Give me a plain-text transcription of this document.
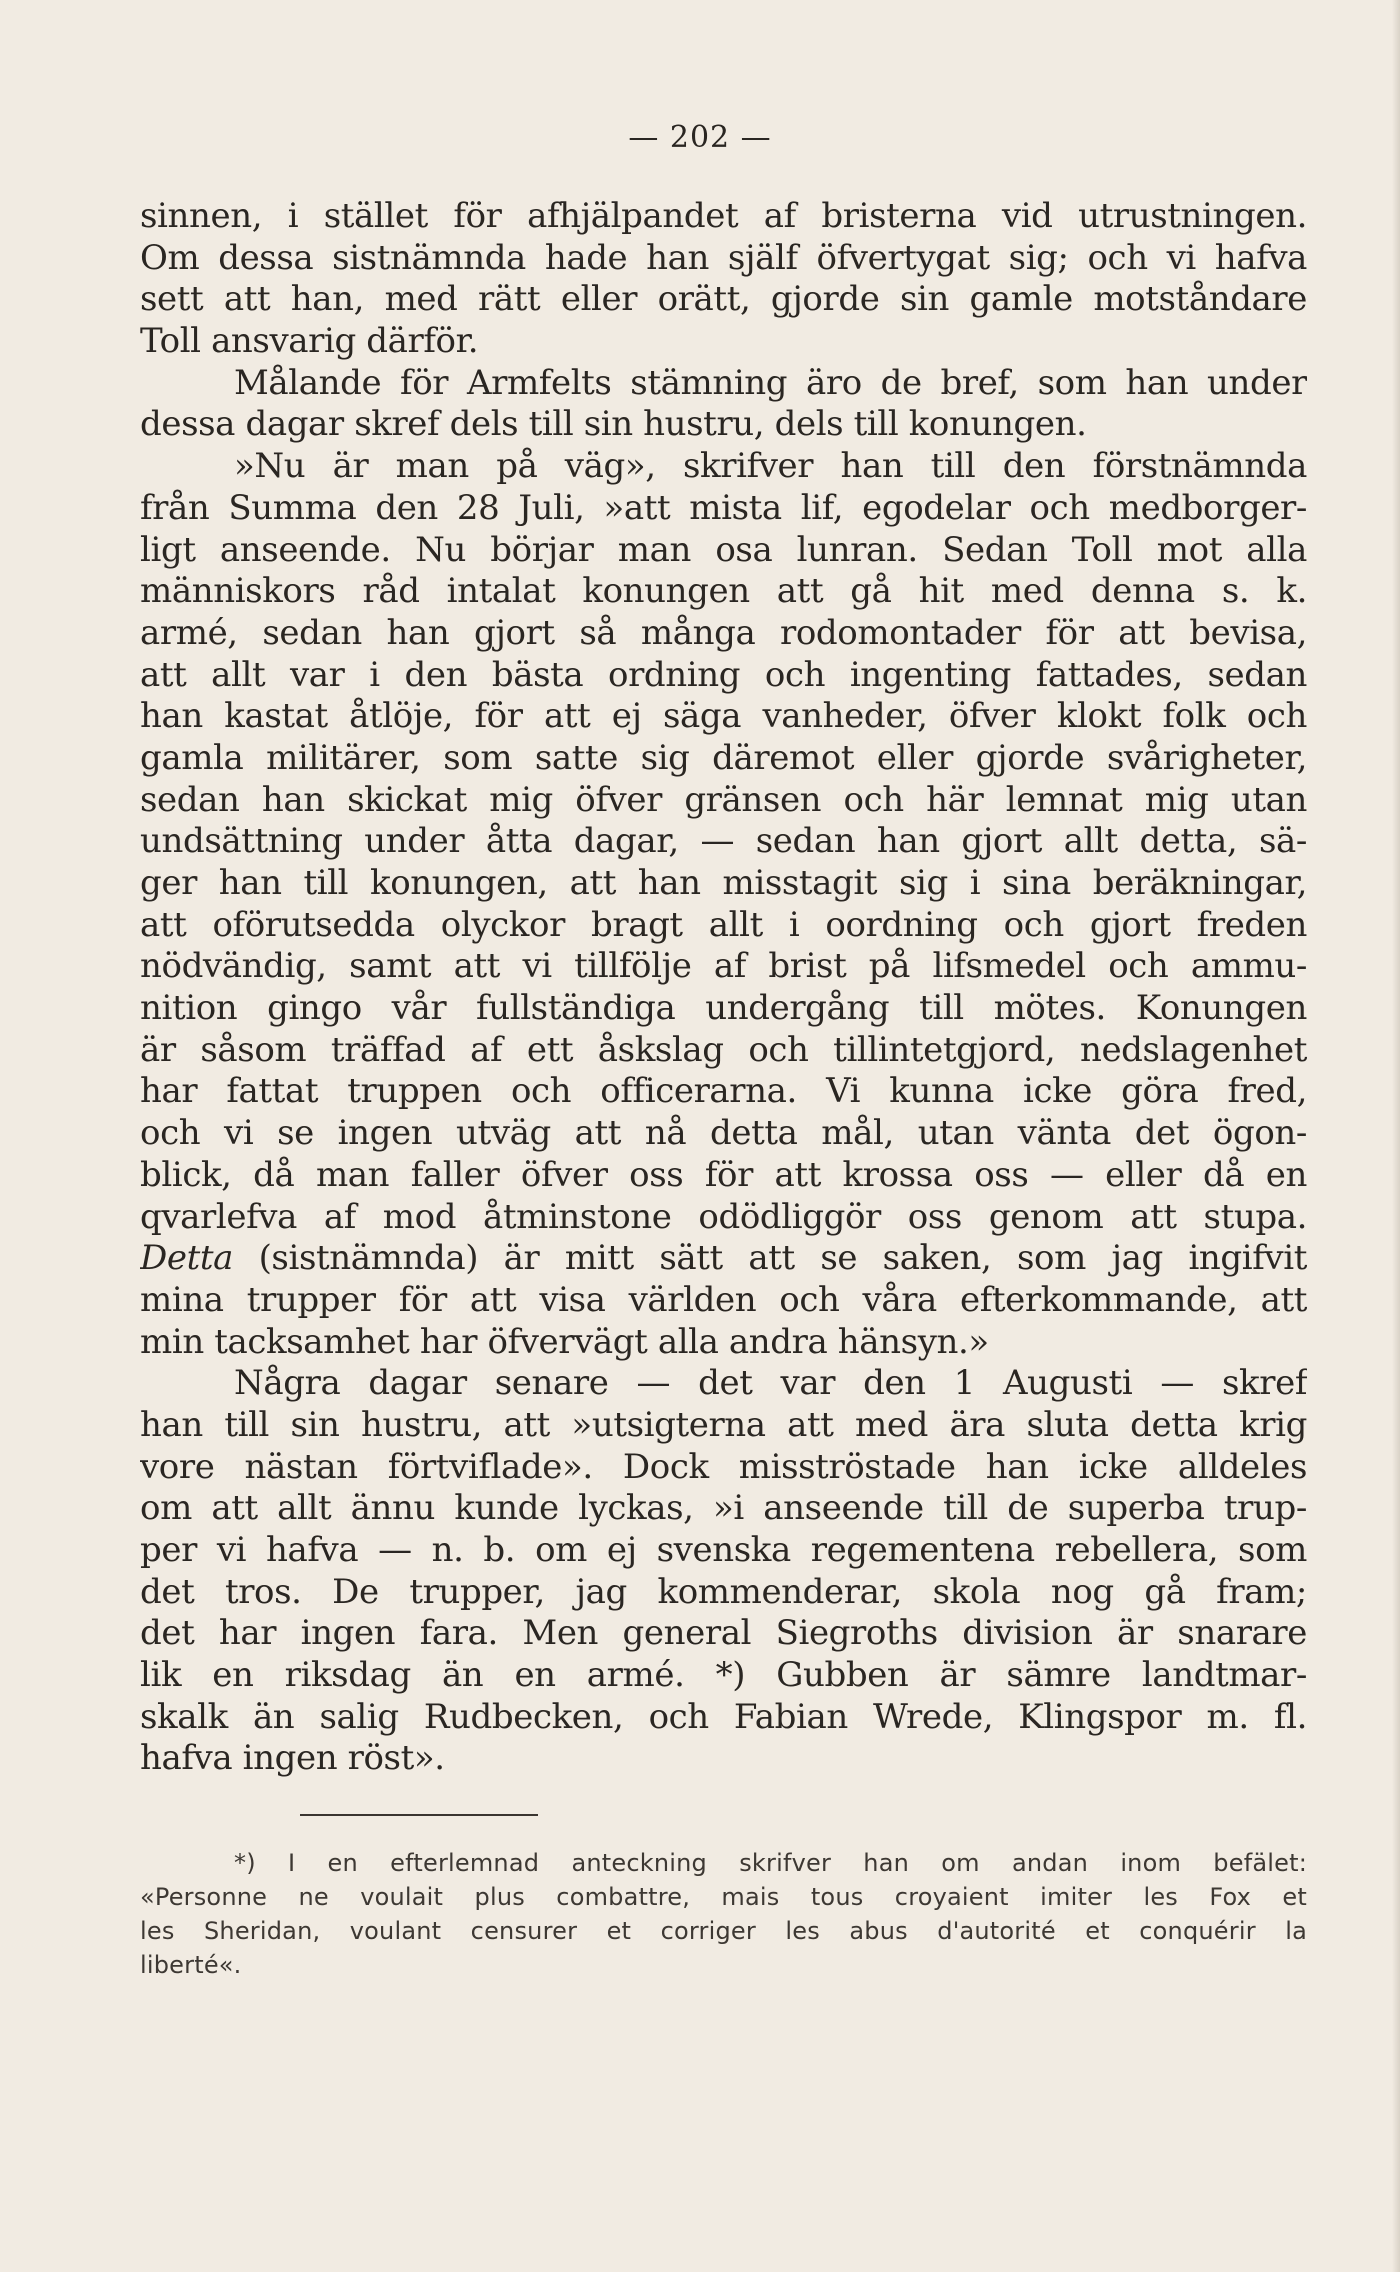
— 202 —
sinnen, i stället för afhjälpandet af bristerna vid utrustningen.
Om dessa sistnämnda hade han själf öfvertygat sig; och vi hafva
sett att han, med rätt eller orätt, gjorde sin gamle motståndare
Toll ansvarig därför.
Målande för Armfelts stämning äro de bref, som han under
dessa dagar skref dels till sin hustru, dels till konungen.
»Nu är man på väg», skrifver han till den förstnämnda
från Summa den 28 Juli, »att mista lif, egodelar och medborger-
ligt anseende. Nu börjar man osa lunran. Sedan Toll mot alla
människors råd intalat konungen att gå hit med denna s. k.
armé, sedan han gjort så många rodomontader för att bevisa,
att allt var i den bästa ordning och ingenting fattades, sedan
han kastat åtlöje, för att ej säga vanheder, öfver klokt folk och
gamla militärer, som satte sig däremot eller gjorde svårigheter,
sedan han skickat mig öfver gränsen och här lemnat mig utan
undsättning under åtta dagar, — sedan han gjort allt detta, sä-
ger han till konungen, att han misstagit sig i sina beräkningar,
att oförutsedda olyckor bragt allt i oordning och gjort freden
nödvändig, samt att vi tillfölje af brist på lifsmedel och ammu-
nition gingo vår fullständiga undergång till mötes. Konungen
är såsom träffad af ett åskslag och tillintetgjord, nedslagenhet
har fattat truppen och officerarna. Vi kunna icke göra fred,
och vi se ingen utväg att nå detta mål, utan vänta det ögon-
blick, då man faller öfver oss för att krossa oss — eller då en
qvarlefva af mod åtminstone odödliggör oss genom att stupa.
Detta (sistnämnda) är mitt sätt att se saken, som jag ingifvit
mina trupper för att visa världen och våra efterkommande, att
min tacksamhet har öfvervägt alla andra hänsyn.»
Några dagar senare — det var den 1 Augusti — skref
han till sin hustru, att »utsigterna att med ära sluta detta krig
vore nästan förtviflade». Dock misströstade han icke alldeles
om att allt ännu kunde lyckas, »i anseende till de superba trup-
per vi hafva — n. b. om ej svenska regementena rebellera, som
det tros. De trupper, jag kommenderar, skola nog gå fram;
det har ingen fara. Men general Siegroths division är snarare
lik en riksdag än en armé. *) Gubben är sämre landtmar-
skalk än salig Rudbecken, och Fabian Wrede, Klingspor m. fl.
hafva ingen röst».
*) I en efterlemnad anteckning skrifver han om andan inom befälet:
«Personne ne voulait plus combattre, mais tous croyaient imiter les Fox et
les Sheridan, voulant censurer et corriger les abus d'autorité et conquérir la
liberté«.
